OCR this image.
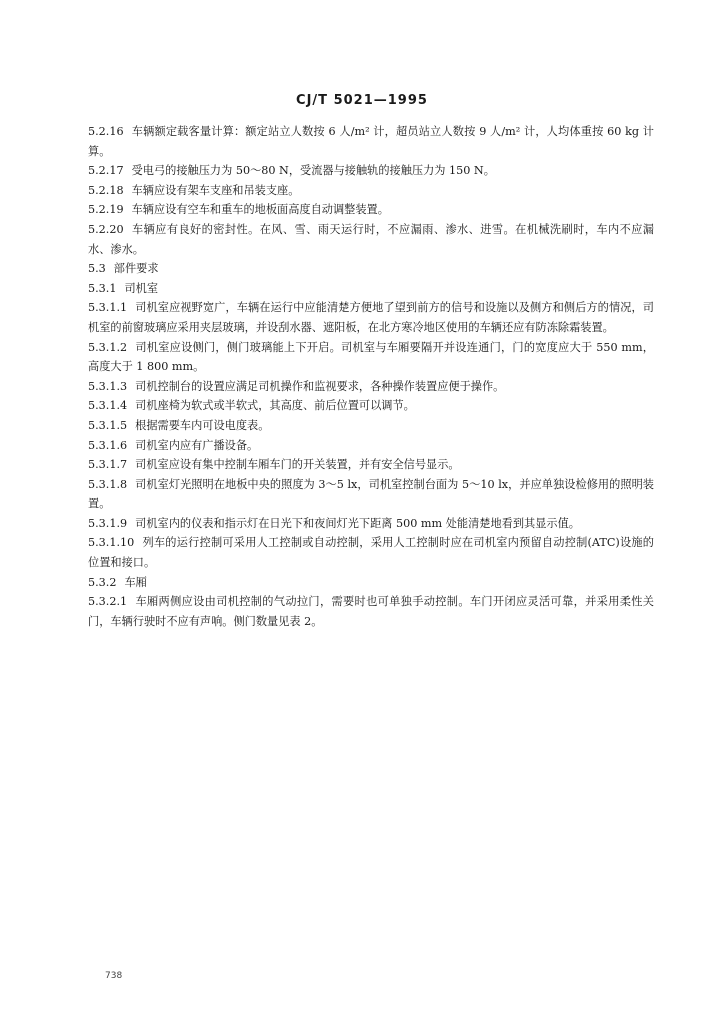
CJ/T 5021—1995

5.2.16 车辆额定载客量计算：额定站立人数按 6 人/m² 计，超员站立人数按 9 人/m² 计，人均体重按 60 kg 计算。

5.2.17 受电弓的接触压力为 50～80 N，受流器与接触轨的接触压力为 150 N。

5.2.18 车辆应设有架车支座和吊装支座。

5.2.19 车辆应设有空车和重车的地板面高度自动调整装置。

5.2.20 车辆应有良好的密封性。在风、雪、雨天运行时，不应漏雨、渗水、进雪。在机械洗刷时，车内不应漏水、渗水。

5.3 部件要求

5.3.1 司机室

5.3.1.1 司机室应视野宽广，车辆在运行中应能清楚方便地了望到前方的信号和设施以及侧方和侧后方的情况，司机室的前窗玻璃应采用夹层玻璃，并设刮水器、遮阳板，在北方寒冷地区使用的车辆还应有防冻除霜装置。

5.3.1.2 司机室应设侧门，侧门玻璃能上下开启。司机室与车厢要隔开并设连通门，门的宽度应大于 550 mm，高度大于 1 800 mm。

5.3.1.3 司机控制台的设置应满足司机操作和监视要求，各种操作装置应便于操作。

5.3.1.4 司机座椅为软式或半软式，其高度、前后位置可以调节。

5.3.1.5 根据需要车内可设电度表。

5.3.1.6 司机室内应有广播设备。

5.3.1.7 司机室应设有集中控制车厢车门的开关装置，并有安全信号显示。

5.3.1.8 司机室灯光照明在地板中央的照度为 3～5 lx，司机室控制台面为 5～10 lx，并应单独设检修用的照明装置。

5.3.1.9 司机室内的仪表和指示灯在日光下和夜间灯光下距离 500 mm 处能清楚地看到其显示值。

5.3.1.10 列车的运行控制可采用人工控制或自动控制，采用人工控制时应在司机室内预留自动控制(ATC)设施的位置和接口。

5.3.2 车厢

5.3.2.1 车厢两侧应设由司机控制的气动拉门，需要时也可单独手动控制。车门开闭应灵活可靠，并采用柔性关门，车辆行驶时不应有声响。侧门数量见表 2。

738
